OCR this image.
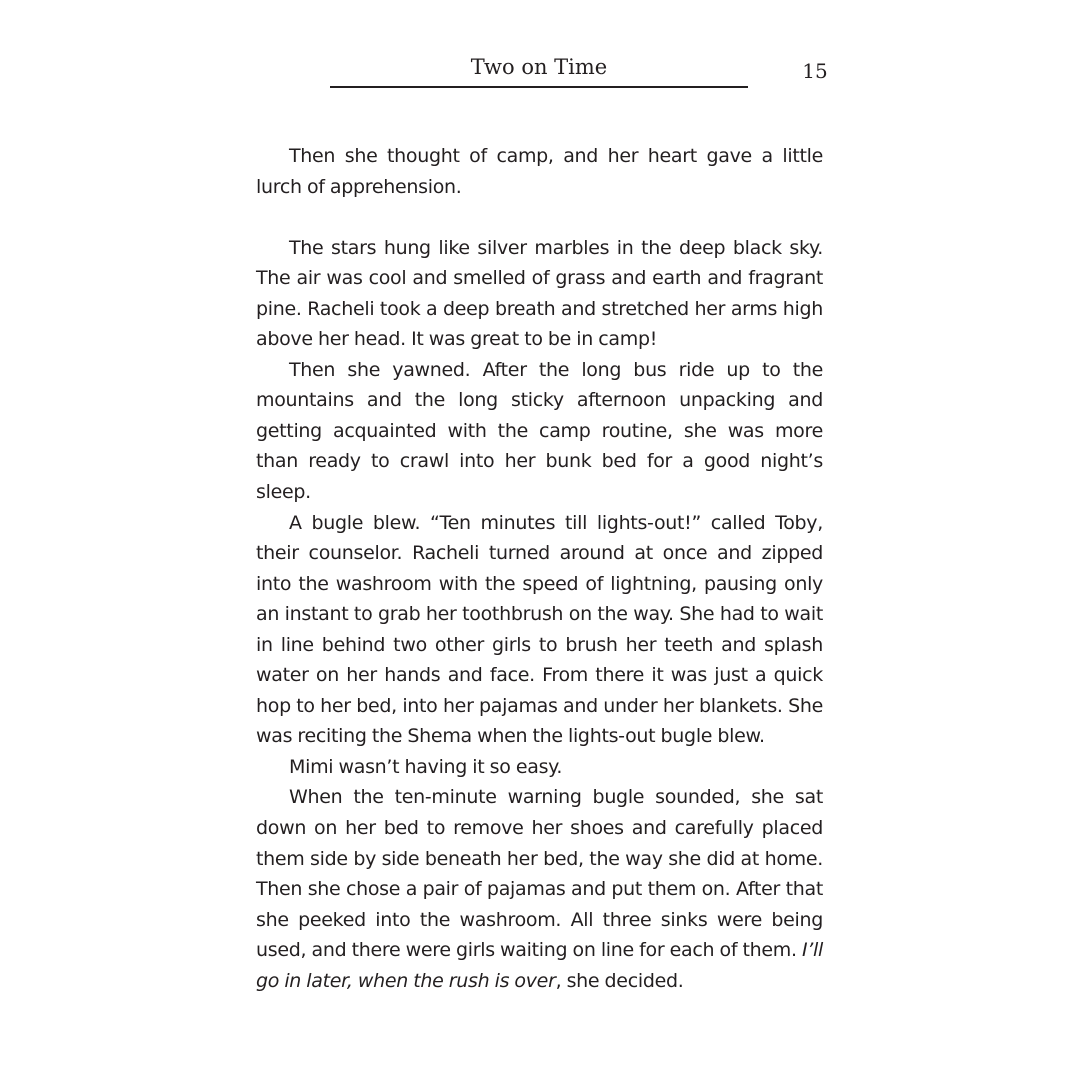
Two on Time	15

Then she thought of camp, and her heart gave a little lurch of apprehension.

The stars hung like silver marbles in the deep black sky. The air was cool and smelled of grass and earth and fragrant pine. Racheli took a deep breath and stretched her arms high above her head. It was great to be in camp!

Then she yawned. After the long bus ride up to the mountains and the long sticky afternoon unpacking and getting acquainted with the camp routine, she was more than ready to crawl into her bunk bed for a good night’s sleep.

A bugle blew. “Ten minutes till lights-out!” called Toby, their counselor. Racheli turned around at once and zipped into the washroom with the speed of lightning, pausing only an instant to grab her toothbrush on the way. She had to wait in line behind two other girls to brush her teeth and splash water on her hands and face. From there it was just a quick hop to her bed, into her pajamas and under her blankets. She was reciting the Shema when the lights-out bugle blew.

Mimi wasn’t having it so easy.

When the ten-minute warning bugle sounded, she sat down on her bed to remove her shoes and carefully placed them side by side beneath her bed, the way she did at home. Then she chose a pair of pajamas and put them on. After that she peeked into the washroom. All three sinks were being used, and there were girls waiting on line for each of them. I’ll go in later, when the rush is over, she decided.
